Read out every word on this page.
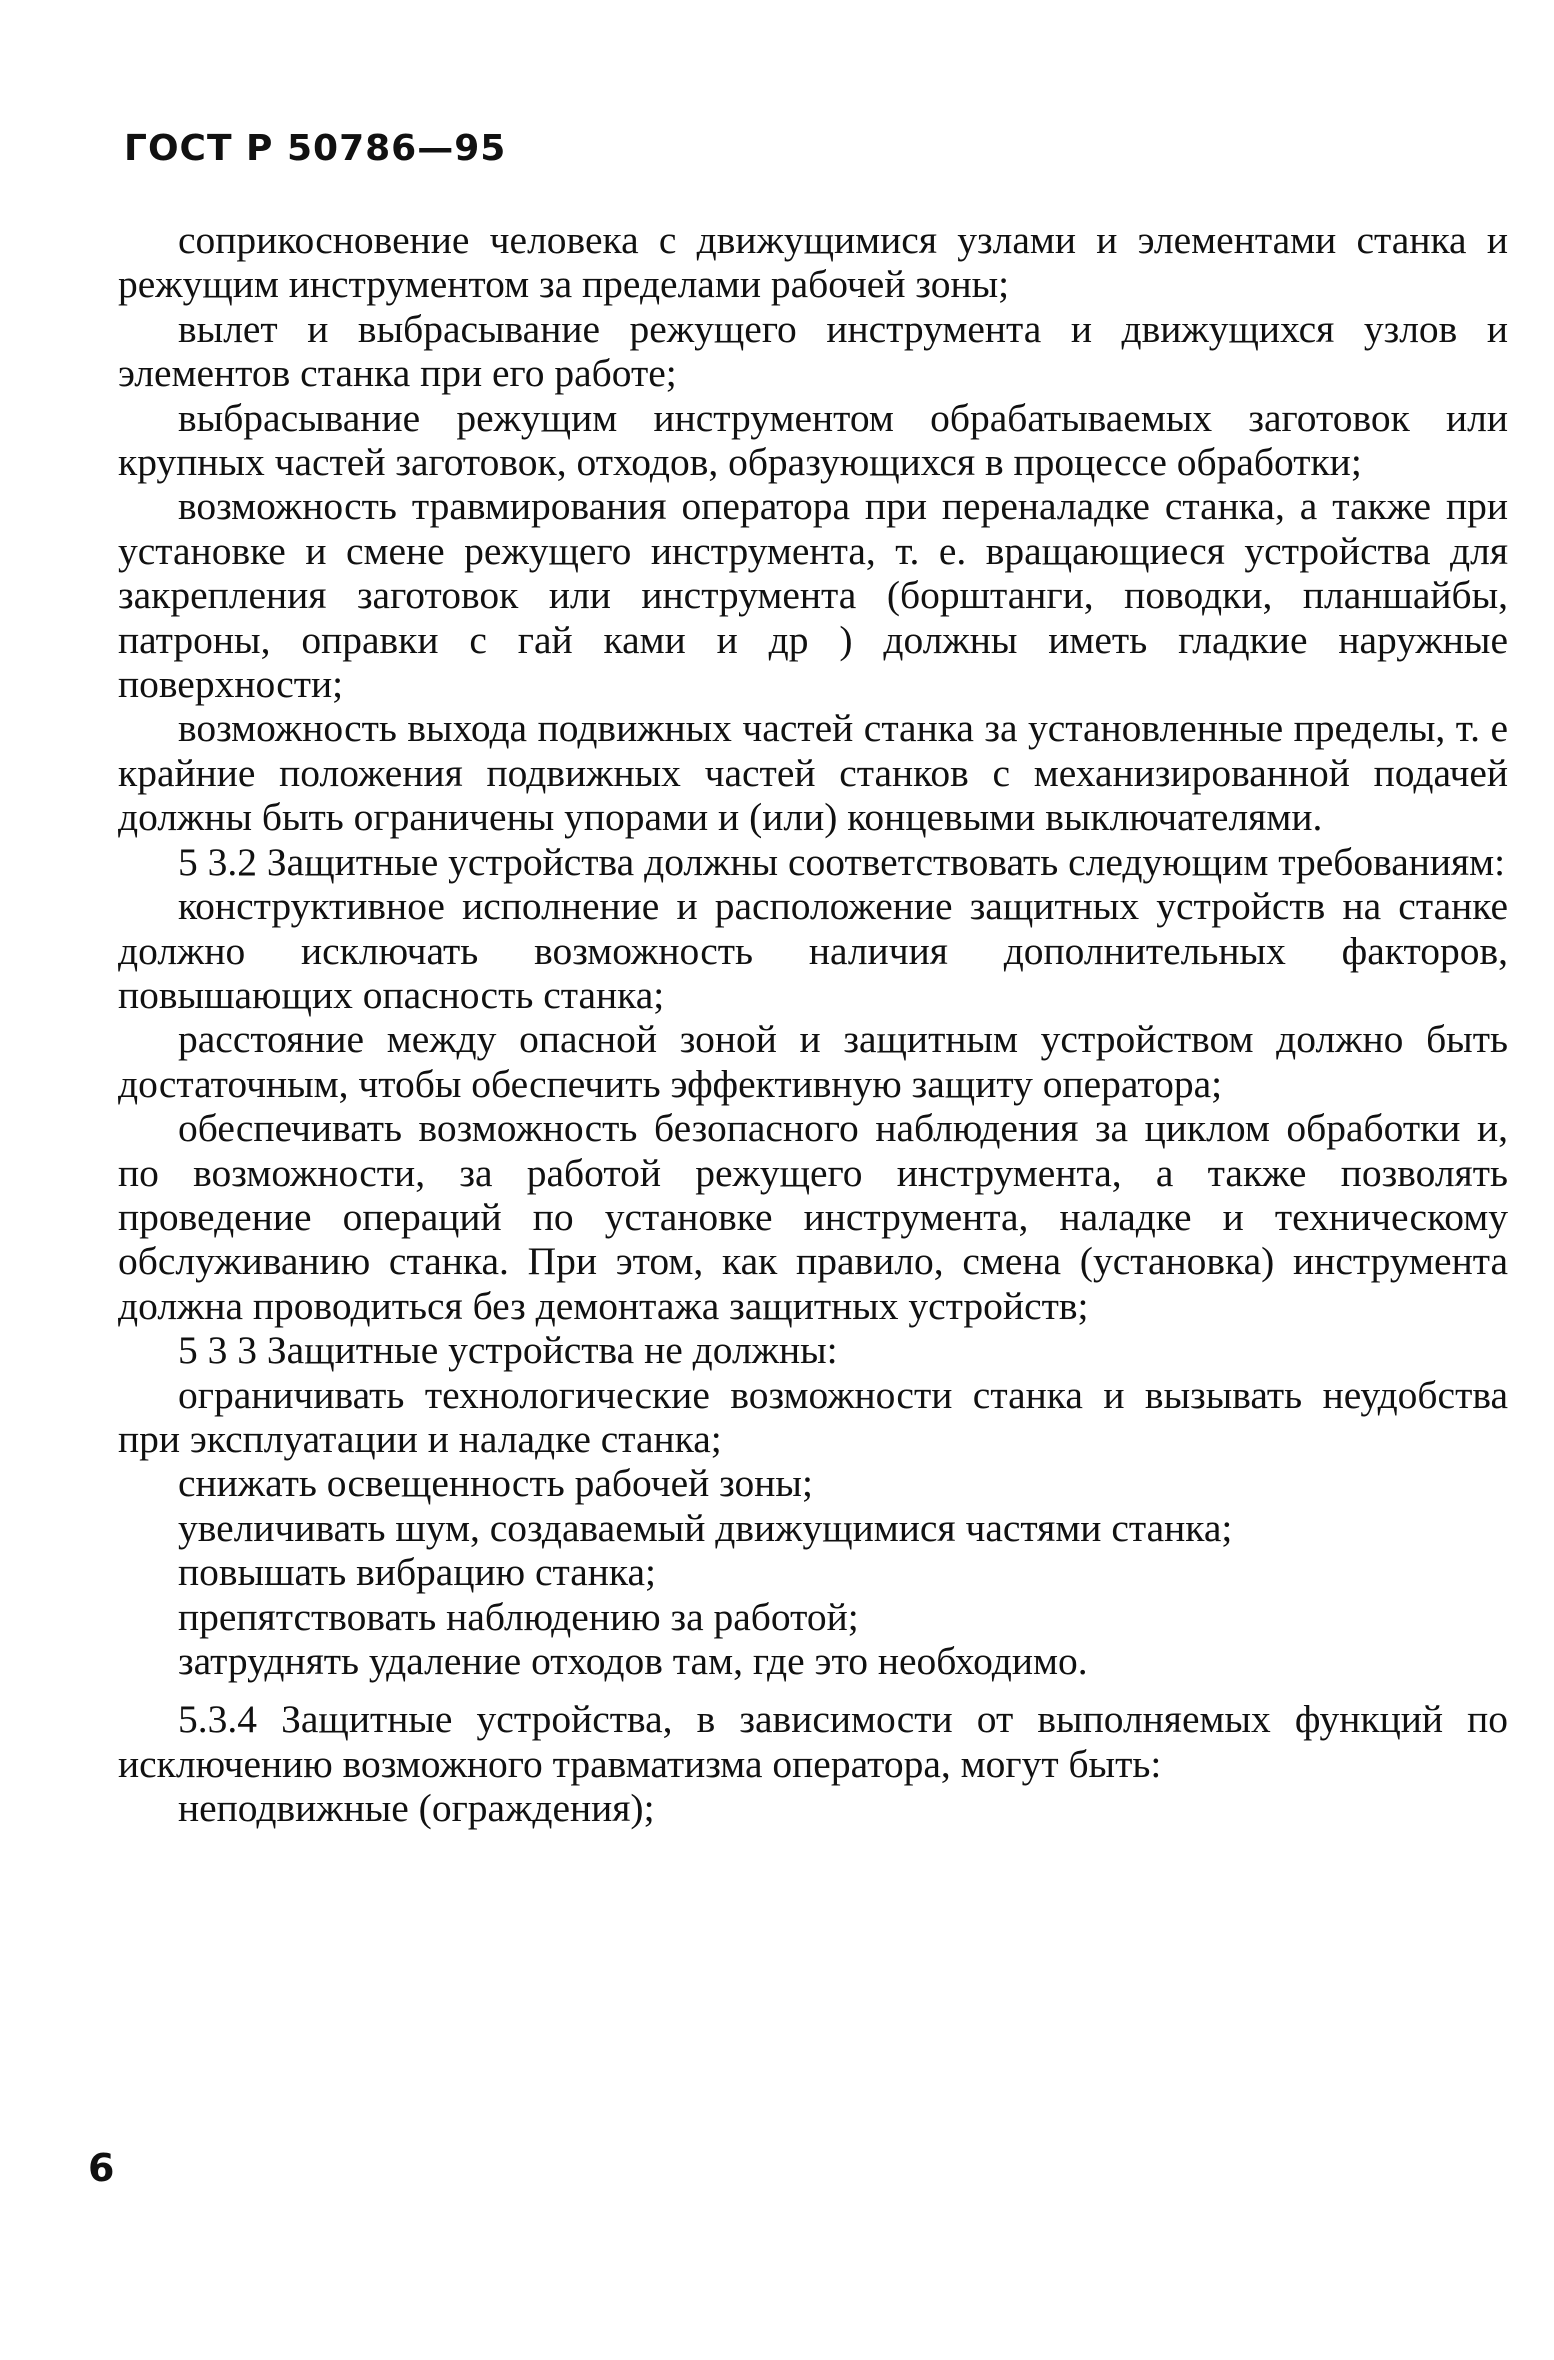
ГОСТ Р 50786—95

соприкосновение человека с движущимися узлами и элементами станка и режущим инструментом за пределами рабочей зоны;

вылет и выбрасывание режущего инструмента и движущихся узлов и элементов станка при его работе;

выбрасывание режущим инструментом обрабатываемых заготовок или крупных частей заготовок, отходов, образующихся в процессе обработки;

возможность травмирования оператора при переналадке станка, а также при установке и смене режущего инструмента, т. е. вращающиеся устройства для закрепления заготовок или инструмента (борштанги, поводки, планшайбы, патроны, оправки с гай ками и др ) должны иметь гладкие наружные поверхности;

возможность выхода подвижных частей станка за установленные пределы, т. е крайние положения подвижных частей станков с механизированной подачей должны быть ограничены упорами и (или) концевыми выключателями.

5 3.2 Защитные устройства должны соответствовать следующим требованиям:

конструктивное исполнение и расположение защитных устройств на станке должно исключать возможность наличия дополнительных факторов, повышающих опасность станка;

расстояние между опасной зоной и защитным устройством должно быть достаточным, чтобы обеспечить эффективную защиту оператора;

обеспечивать возможность безопасного наблюдения за циклом обработки и, по возможности, за работой режущего инструмента, а также позволять проведение операций по установке инструмента, наладке и техническому обслуживанию станка. При этом, как правило, смена (установка) инструмента должна проводиться без демонтажа защитных устройств;

5 3 3 Защитные устройства не должны:

ограничивать технологические возможности станка и вызывать неудобства при эксплуатации и наладке станка;

снижать освещенность рабочей зоны;

увеличивать шум, создаваемый движущимися частями станка;

повышать вибрацию станка;

препятствовать наблюдению за работой;

затруднять удаление отходов там, где это необходимо.

5.3.4 Защитные устройства, в зависимости от выполняемых функций по исключению возможного травматизма оператора, могут быть:

неподвижные (ограждения);

6
